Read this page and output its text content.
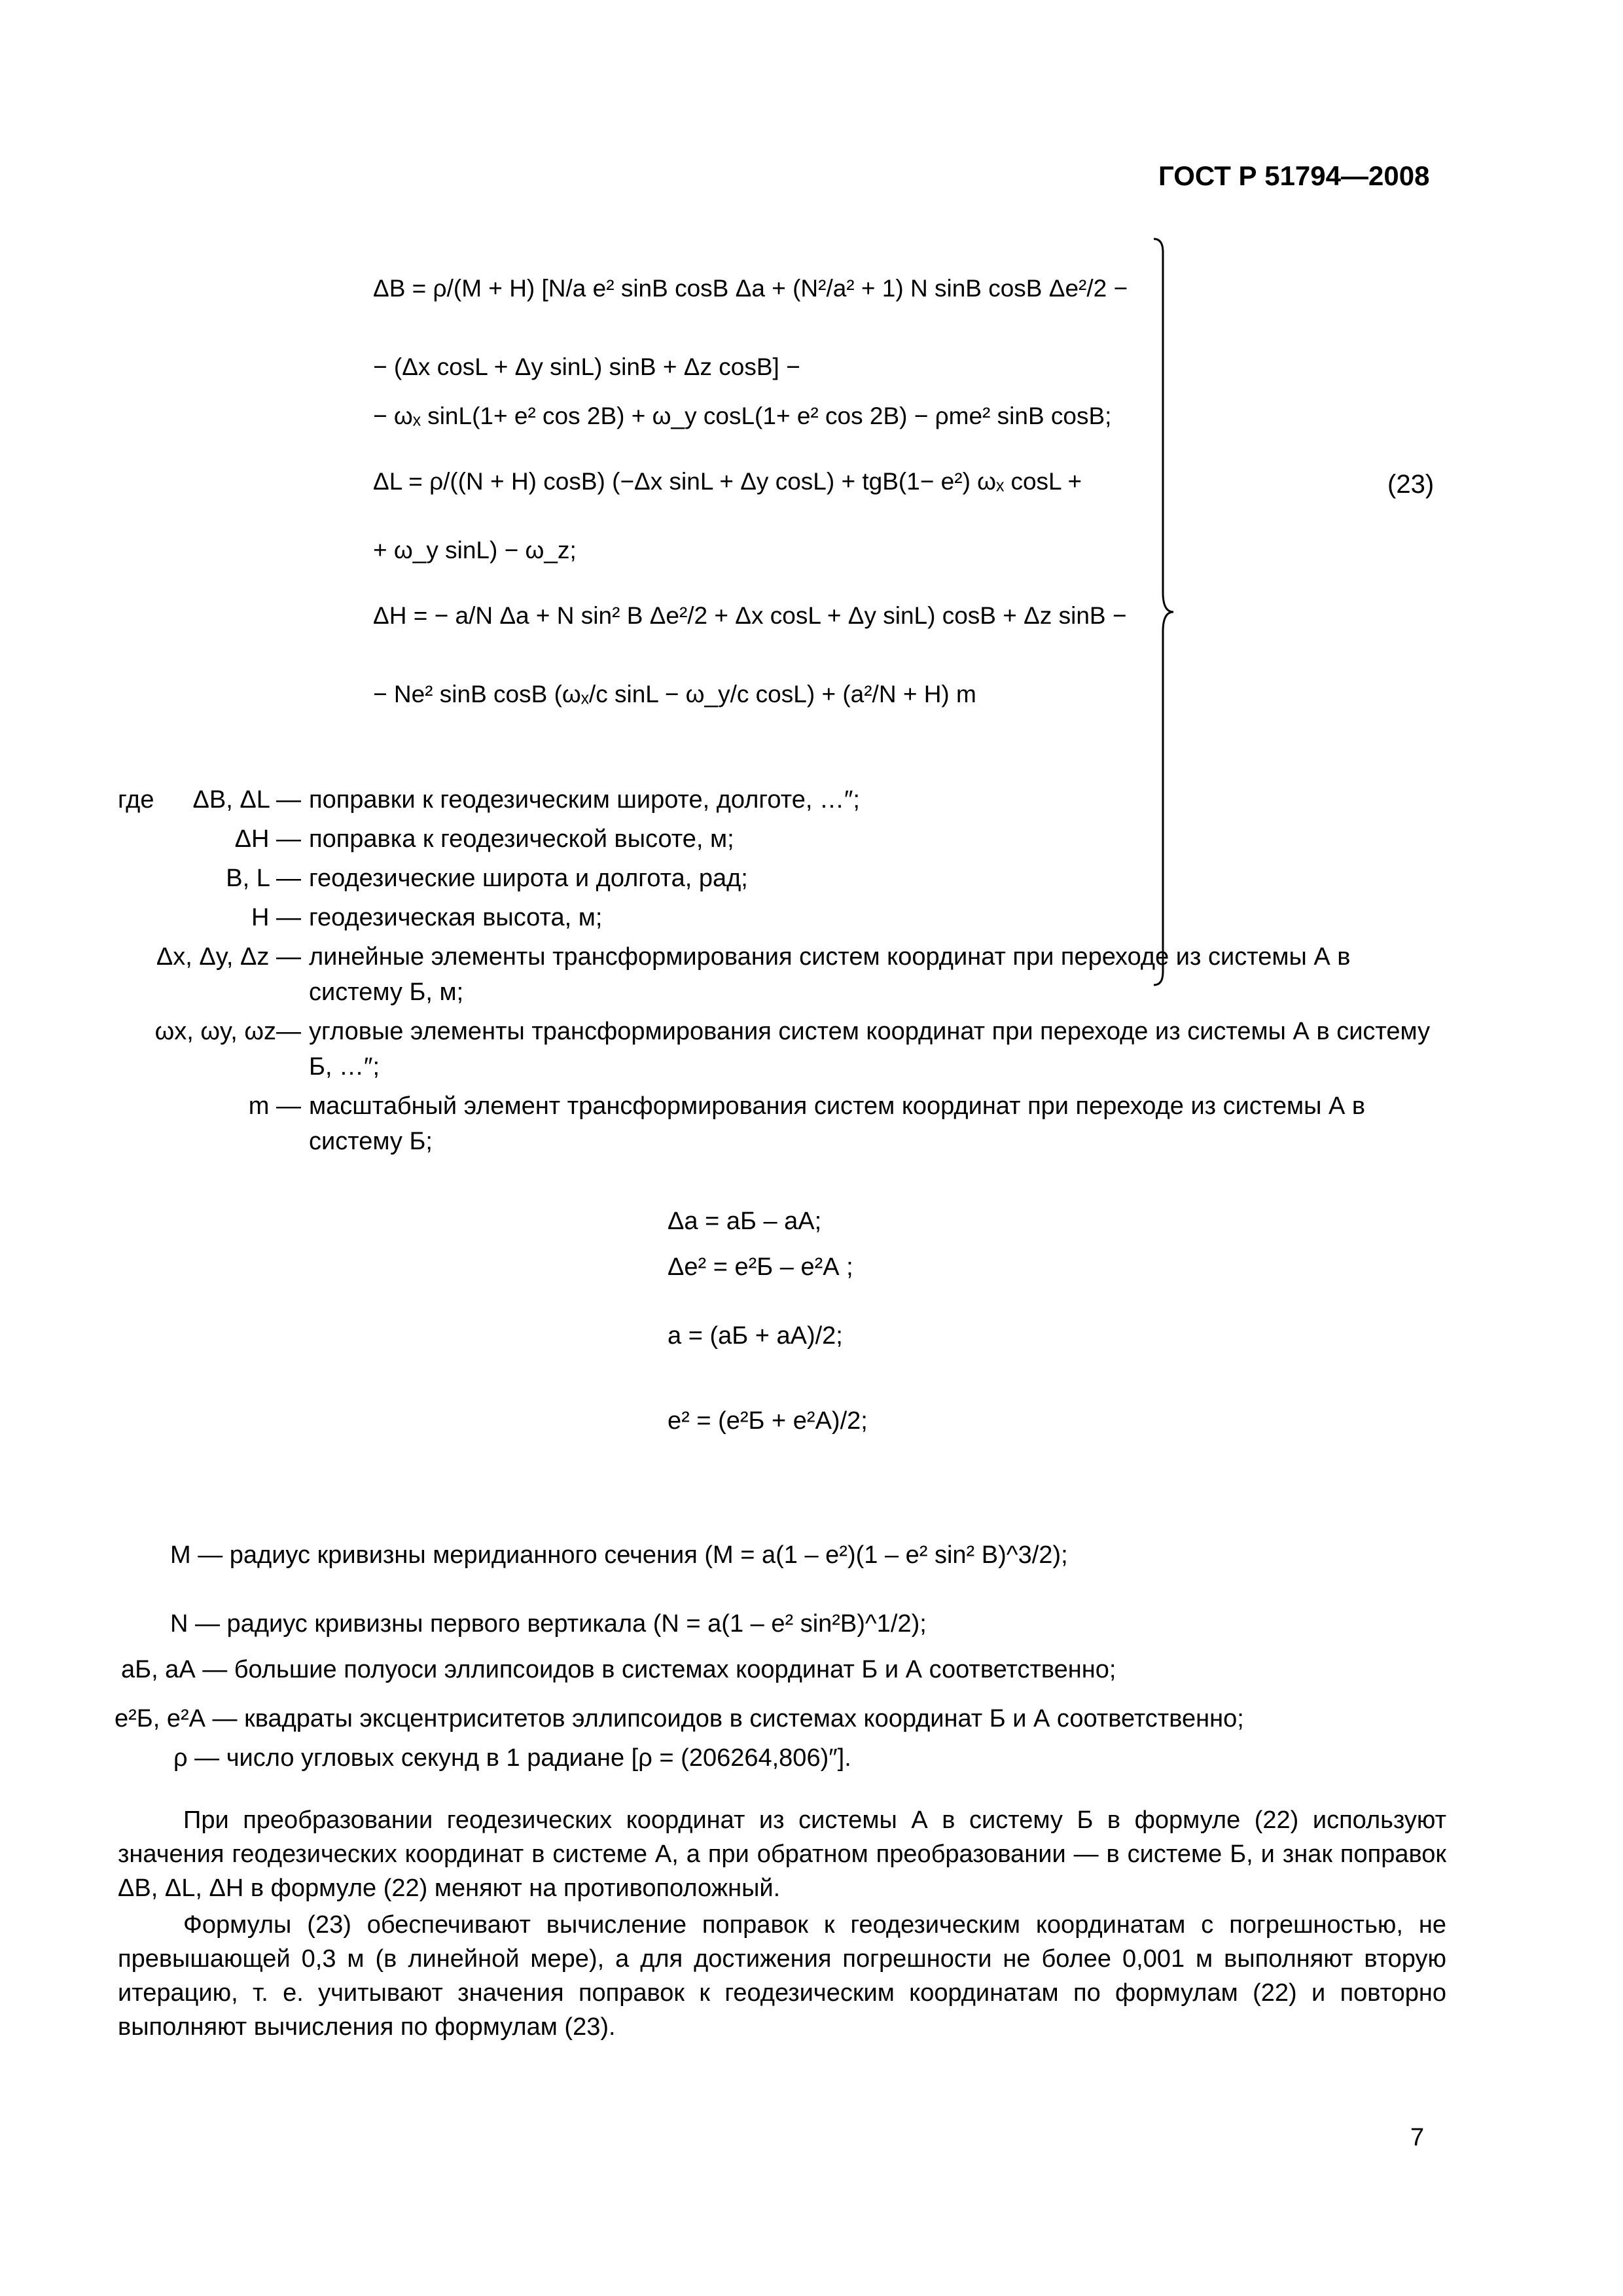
ГОСТ Р 51794—2008
ΔB = ρ/(M + H) [N/a e² sinB cosB Δa + (N²/a² + 1) N sinB cosB Δe²/2 −
− (Δx cosL + Δy sinL) sinB + Δz cosB] −
− ωₓ sinL(1+ e² cos 2B) + ω_y cosL(1+ e² cos 2B) − ρme² sinB cosB;
ΔL = ρ/((N + H) cosB) (−Δx sinL + Δy cosL) + tgB(1− e²) ωₓ cosL +
+ ω_y sinL) − ω_z;
ΔH = − a/N Δa + N sin² B Δe²/2 + Δx cosL + Δy sinL) cosB + Δz sinB −
− Ne² sinB cosB (ωₓ/c sinL − ω_y/c cosL) + (a²/N + H) m
(23)
где	ΔB, ΔL — поправки к геодезическим широте, долготе, …″;
ΔH — поправка к геодезической высоте, м;
B, L — геодезические широта и долгота, рад;
H — геодезическая высота, м;
Δx, Δy, Δz — линейные элементы трансформирования систем координат при переходе из системы А в систему Б, м;
ωx, ωy, ωz— угловые элементы трансформирования систем координат при переходе из системы А в систему Б, …″;
m — масштабный элемент трансформирования систем координат при переходе из системы А в систему Б;
Δa = aБ – aА;
Δe² = e²Б – e²А ;
a = (aБ + aА)/2;
e² = (e²Б + e²А)/2;
M — радиус кривизны меридианного сечения (M = a(1 – e²)(1 – e² sin² B)^3/2);
N — радиус кривизны первого вертикала (N = a(1 – e² sin²B)^1/2);
aБ, aА — большие полуоси эллипсоидов в системах координат Б и А соответственно;
e²Б, e²А — квадраты эксцентриситетов эллипсоидов в системах координат Б и А соответственно;
ρ — число угловых секунд в 1 радиане [ρ = (206264,806)″].
При преобразовании геодезических координат из системы А в систему Б в формуле (22) используют значения геодезических координат в системе А, а при обратном преобразовании — в системе Б, и знак поправок ΔB, ΔL, ΔH в формуле (22) меняют на противоположный.
Формулы (23) обеспечивают вычисление поправок к геодезическим координатам с погрешностью, не превышающей 0,3 м (в линейной мере), а для достижения погрешности не более 0,001 м выполняют вторую итерацию, т. е. учитывают значения поправок к геодезическим координатам по формулам (22) и повторно выполняют вычисления по формулам (23).
7
